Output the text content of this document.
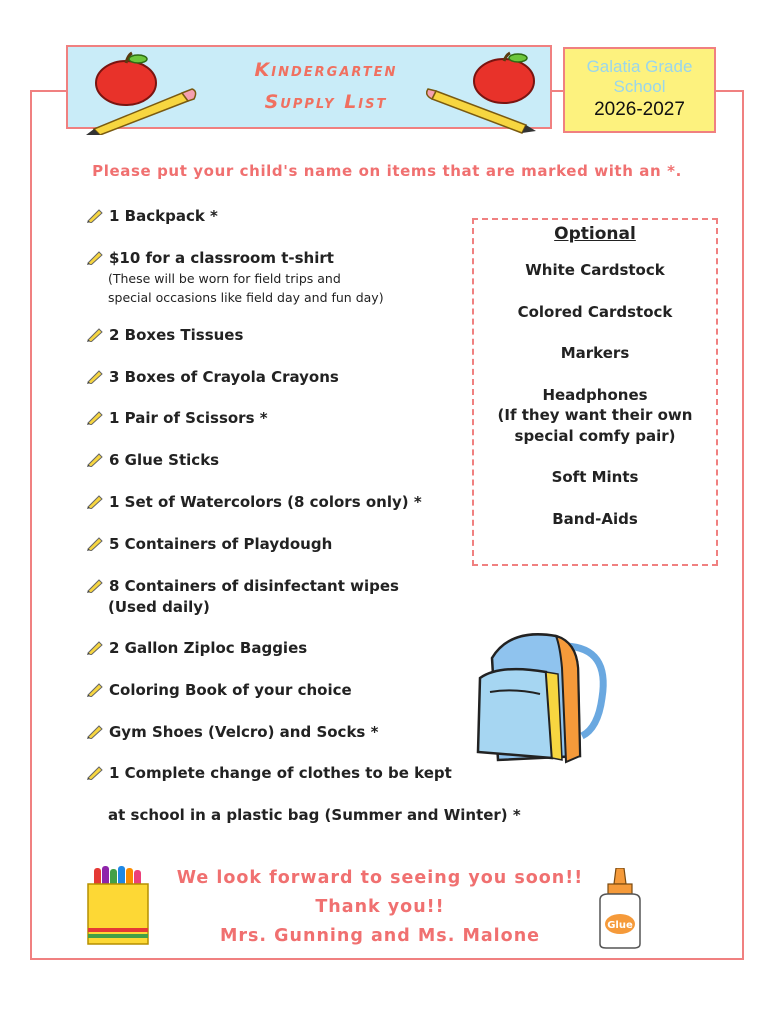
Kindergarten
Supply List
Galatia Grade School
2026-2027
Please put your child's name on items that are marked with an *.
1 Backpack *
$10 for a classroom t-shirt
(These will be worn for field trips and
special occasions like field day and fun day)
2 Boxes Tissues
3 Boxes of Crayola Crayons
1 Pair of Scissors *
6 Glue Sticks
1 Set of Watercolors (8 colors only) *
5 Containers of Playdough
8 Containers of disinfectant wipes
(Used daily)
2 Gallon Ziploc Baggies
Coloring Book of your choice
Gym Shoes (Velcro) and Socks *
1 Complete change of clothes to be kept
at school in a plastic bag (Summer and Winter) *
Optional
White Cardstock
Colored Cardstock
Markers
Headphones
(If they want their own
special comfy pair)
Soft Mints
Band-Aids
We look forward to seeing you soon!!
Thank you!!
Mrs. Gunning and Ms. Malone
Glue
